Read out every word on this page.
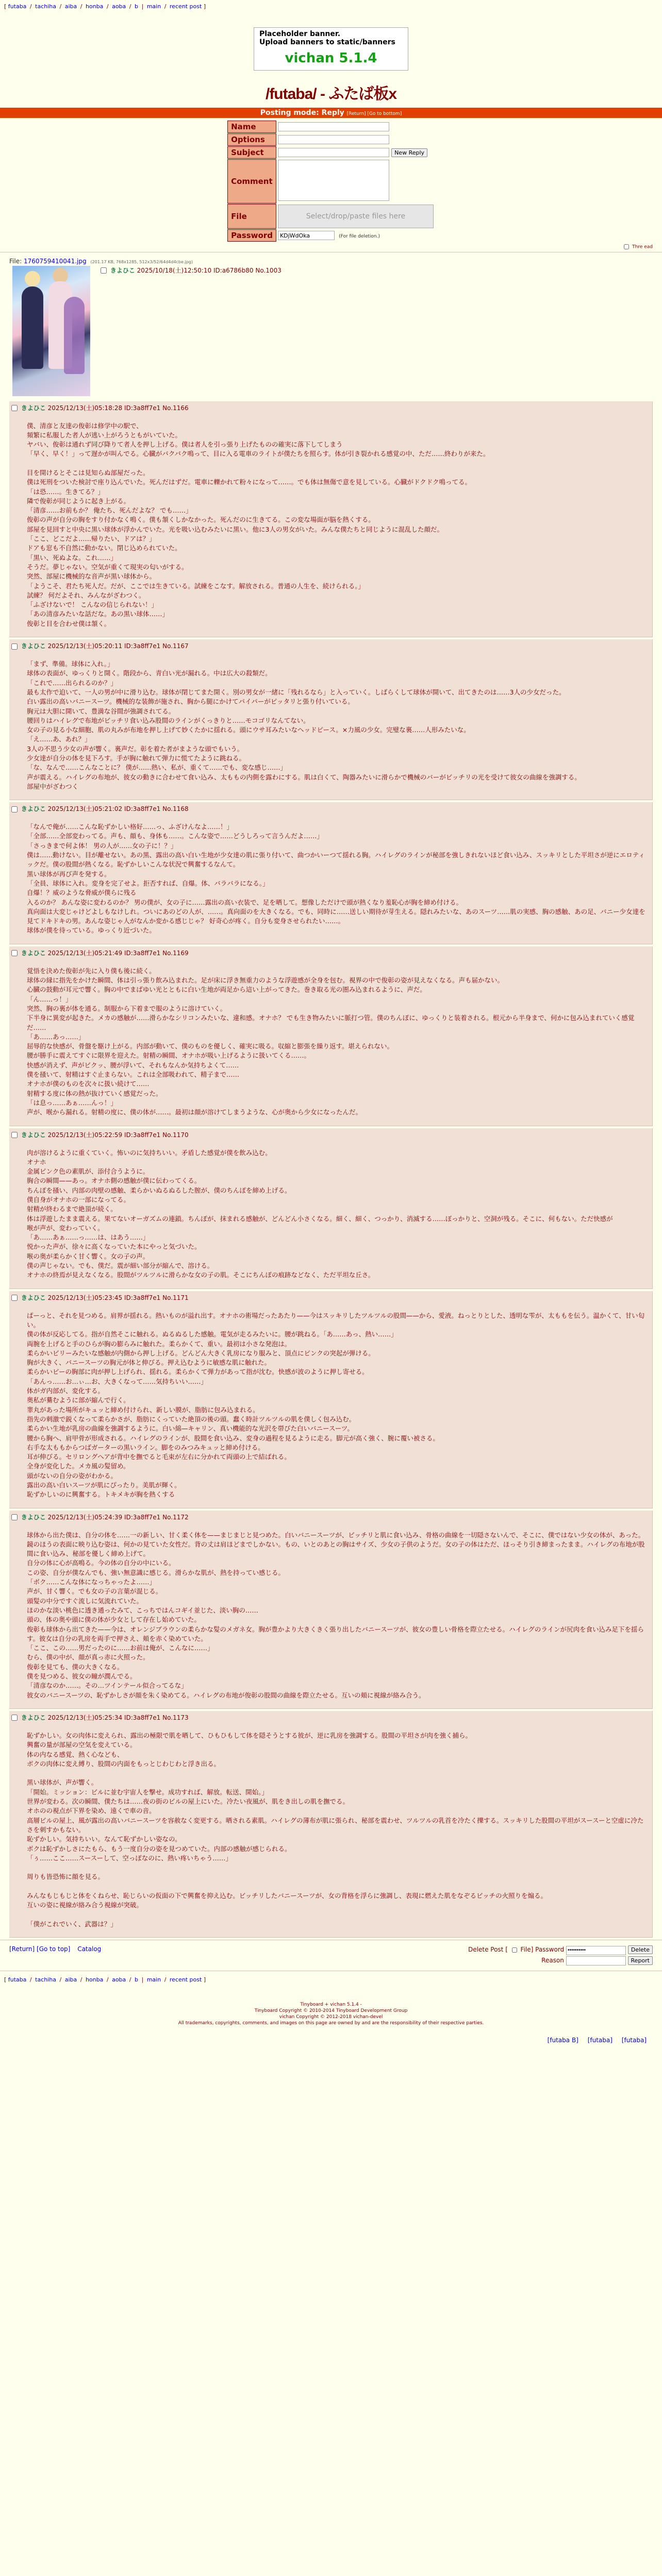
[ futaba / tachiha / aiba / honba / aoba / b | main / recent post ]
Placeholder banner.
Upload banners to static/banners
vichan 5.1.4
/futaba/ - ふたば板x
Posting mode: Reply [Return] [Go to bottom]
Name	
Options	
Subject	New Reply
Comment	
File	Select/drop/paste files here

Password	KDjWdOka(For file deletion.)
Thre ead
File: 1760759410041.jpg (201.17 KB, 768x1285, 512x3/52/64d4d4cbe.jpg)
きよひこ 2025/10/18(土)12:50:10 ID:a6786b80 No.1003
きよひこ 2025/12/13(土)05:18:28 ID:3a8ff7e1 No.1166
僕、清彦と友達の俊彰は修学中の駅で、
頻繁に私服した者人が逃い上がろうともがいていた。
ヤバい、俊彰は通れず同び降りて者人を押し上げる。僕は者人を引っ張り上げたものの確実に落下してしまう
「早く、早く！」って遅かが叫んでる。心臓がバクバク鳴って、目に入る電車のライトが僕たちを照らす。体が引き裂かれる感覚の中、ただ……終わりが来た。

目を開けるとそこは見知らぬ部屋だった。
僕は死刑をついた検討で座り込んでいた。死んだはずだ。電車に轢かれて粉々になって……。でも体は無傷で意を見している。心臓がドクドク鳴ってる。
「は恐……。生きてる？」
隣で俊彰が同じように起き上がる。
「清彦……お前もか？ 俺たち、死んだよな？ でも……」
俊彰の声が自分の胸をすり付かなく鳴く。僕も頷くしかなかった。死んだのに生きてる。この変な場面が脳を熱くする。
部屋を見回すと中央に黒い球体が浮かんでいた。光を吸い込むみたいに黒い。他に3人の男女がいた。みんな僕たちと同じように混乱した顔だ。
「ここ、どこだよ……帰りたい、ドアは？」
ドアも窓も不自然に動かない。閉じ込められていた。
「黒い、死ぬよな。これ……」
そうだ。夢じゃない。空気が重くて現実の匂いがする。
突然、部屋に機械的な音声が黒い球体から。
「ようこそ、君たち死人だ。だが、ここでは生きている。試練をこなす。解放される。普通の人生を、続けられる。」
試練？ 何だよそれ、みんながざわつく。
「ふざけないで！ こんなの信じられない！」
「あの清彦みたいな話だな。あの黒い球体……」
俊彰と目を合わせ僕は頷く。
きよひこ 2025/12/13(土)05:20:11 ID:3a8ff7e1 No.1167
「まず、準備。球体に入れ。」
球体の表面が、ゆっくりと開く。階段から、青白い光が漏れる。中は広大の殺類だ。
「これで……出られるのか？」
最も太作で迫いて、一人の男が中に滑り込む。球体が閉じてまた開く。別の男女が一緒に「残れるなら」と入っていく。しばらくして球体が開いて、出てきたのは……3人の少女だった。
白い露出の高いバニースーツ。機械的な装飾が施され、胸から腿にかけてパイパーがピッタリと張り付いている。
胸元は大胆に開いて、豊満な谷間が強調されてる。
腰回りはハイレグで布地がビッチリ食い込み股間のラインがくっきりと……モコゴリなんてない。
女の子の見る小な細胞、肌の丸みが布地を押し上げて妙くたかに揺れる。頭にウサ耳みたいなヘッドピース。×力風の少女。完璧な裏……人形みたいな。
「え……あ、あれ？」
3人の不思う少女の声が響く。裏声だ。彰を着た者がまような頭でもいう。
少女達が自分の体を見下ろす。手が胸に触れて弾力に慌てたように跳ねる。
「な、なんで……こんなことに？ 僕が……熱い、私が、重くて……でも、変な感じ……」
声が震える。ハイレグの布地が、彼女の動きに合わせて食い込み、太ももの内側を露わにする。肌は白くて、陶器みたいに滑らかで機械のバーがビッチリの光を受けて彼女の曲線を強調する。
部屋中がざわつく
きよひこ 2025/12/13(土)05:21:02 ID:3a8ff7e1 No.1168
「なんで俺が……こんな恥ずかしい格好……っ、ふざけんなよ……！」
「全部……全部変わってる。声も、顔も、身体も……。こんな姿で……どうしろって言うんだよ……」
「さっきまで何よ体！ 男の人が……女の子に！？」
僕は……動けない。目が離せない。あの黒、露出の高い白い生地が少女達の肌に張り付いて、曲つかいーつて揺れる胸。ハイレグのラインが秘部を強しきれないほど食い込み、スッキリとした平坦さが逆にエロティックだ。僕の股間が熱くなる。恥ずかしいこんな状況で興奮するなんて。
黒い球体が再び声を発する。
「全員、球体に入れ。変身を完了せよ。拒否すれば、自爆。体、バラバラになる。」
自爆！？威のような脅威が僕らに残る
入るのか？ あんな姿に変わるのか？ 男の僕が、女の子に……露出の高い衣装で、足を晒して。想像しただけで頭が熱くなり羞恥心が胸を締め付ける。
真向面は大変じゃけどよしもなけしれ。ついにあのどの人が、……。真向面のを大きくなる。でも、同時に……送しい期待が芽生える。隠れみたいな、あのスーツ……肌の実感、胸の感触、あの足、バニー少女達を見てドキドキの男。あんな姿じゃ人がなんか変かる感じじゃ？ 好奇心が疼く。自分も変身させられたい……。
球体が僕を待っている。ゆっくり近づいた。
きよひこ 2025/12/13(土)05:21:49 ID:3a8ff7e1 No.1169
覚悟を決めた俊彰が先に入り僕も後に続く。
球体の縁に指先をかけた瞬間、体は引っ張り飲み込まれた。足が床に浮き無重力のような浮遊感が全身を包む。視界の中で俊彰の姿が見えなくなる。声も届かない。
心臓の鼓動が耳元で響く。胸の中でまばゆい光とともに白い生地が両足から這い上がってきた。巻き取る光の圏み込まれるように、声だ。
「ん……っ！」
突然、胸の裏が体を通る。制服から下着まで服のように溶けていく。
下半身に異変が起きた。メカの感触が……滑らかなシリコンみたいな、違和感。オナホ？ でも生き物みたいに脈打つ管。僕のちんぽに、ゆっくりと装着される。根元から半身まで、何かに包み込まれていく感覚だ……
「あ……あっ……」
屈辱的な快感が、骨盤を駆け上がる。内部が動いて、僕のものを優しく、確実に吸る。収縮と膨張を繰り返す。堪えられない。
腰が勝手に震えてすぐに限界を迎えた。射精の瞬間、オナホが吸い上げるように扱いてくる……。
快感が消えず、声がビクッ、腰が浮いて、それもなんか気持ちよくて……
僕を掻いて、射精はすぐ止まらない。これは全部吸われて、精子まで……
オナホが僕のものを次々に扱い続けて……
射精する度に体の熱が抜けていく感覚だった。
「は息っ……あぁ……んっ！」
声が、喉から漏れる。射精の度に、僕の体が……。最初は顔が溶けてしまうような、心が奥から少女になったんだ。
きよひこ 2025/12/13(土)05:22:59 ID:3a8ff7e1 No.1170
肉が溶けるように重くていく。怖いのに気持ちいい。矛盾した感覚が僕を飲み込む。
オナホ
金属ピンク色の素肌が、添付合うように。
胸合の瞬間——あっ。オナホ側の感触が僕に伝わってくる。
ちんぽを掻い、内部の肉壁の感触、柔らかいぬるぬるした膣が、僕のちんぽを締め上げる。
僕自身がオナホの一部になってる。
射精が終わるまで絶頂が続く。
体は浮遊したまま震える。果てないオーガズムの連鎖。ちんぽが、抹まれる感触が、どんどん小さくなる。細く、細く、つっかり、消滅する……ぼっかりと、空洞が残る。そこに、何もない。ただ快感が
喉が声が、変わっていく。
「あ……あぁ……っ……は、はあう……」
悦かった声が、徐々に高くなっていた本にやっと気づいた。
喉の奥が柔らかく甘く響く。女の子の声。
僕の声じゃない。でも、僕だ。震が細い部分が縮んで、溶ける。
オナホの終焉が見えなくなる。股間がツルツルに滑らかな女の子の肌。そこにちんぽの痕跡などなく、ただ平坦な丘さ。
きよひこ 2025/12/13(土)05:23:45 ID:3a8ff7e1 No.1171
ぱーっと、それを見つめる。肩界が揺れる。熱いものが溢れ出す。オナホの術場だったあたり——今はスッキリしたツルツルの股間——から、愛液。ねっとりとした、透明な雫が、太ももを伝う。温かくて、甘い匂い。
僕の体が反応してる。指が自然そこに触れる。ぬるぬるした感触。電気が走るみたいに。腰が跳ねる。「あ……あっ、熱い……」
両腕を上げると手のひらが胸の膨らみに触れた。柔らかくて、重い。最初は小さな発泡は。
柔らかいビリーみたいな感触が内側から押し上げる。どんどん大きく乳房になり服みと、頂点にピンクの突起が弾ける。
胸が大きく、バニースーツの胸元が体と伸びる。押え込むように敏感な肌に触れた。
柔らかいピーの胸部に肉が押し上げられ、揺れる。柔らかくて弾力があって指が沈む。快感が波のように押し寄せる。
「あんっ……お…ぃ…お、大きくなって……気持ちいい……」
体がガ内部が、変化する。
奥私が驀むように部が縮んで行く。
睾丸があった場所がキュッと締め付けられ、新しい膜が、脂肪に包み込まれる。
指先の刺激で鋭くなって柔らかさが、脂肪にくっていた絶頂の後の頭。蠢く時計ツルツルの肌を僕しく包み込む。
柔らかい生地が乳房の曲線を強調するように。白い綿—キャリン、真い機能的な光沢を帯びた白いバニースーツ。
腰から胸へ、肩甲骨が形成される。ハイレグのラインが、股間を食い込み、変身の過程を見るように走る。脚元が高く強く、腕に覆い被さる。
右手な太ももからつばガーターの黒いライン。脚をのみつみキュッと締め付ける。
耳が伸びる。セリロングへアが背中を撫でると毛束が左右に分かれて両頭の上で結ばれる。
全身が変化した。メカ風の髪留め。
頭がないの自分の姿がわかる。
露出の高い白いスーツが肌にぴったり。美肌が輝く。
恥ずかしいのに興奮する。トキメキが胸を熱くする
きよひこ 2025/12/13(土)05:24:39 ID:3a8ff7e1 No.1172
球体から出た僕は、自分の体を……一の新しい、甘く柔く体を——まじまじと見つめた。白いバニースーツが、ビッチリと肌に食い込み、骨格の曲線を一切隠さないんで、そこに、僕ではない少女の体が、あった。
鏡のほうの表面に映り込む姿は、何かの見ていた女性だ。背の丈は肩ほどまでしかない。もの、いとのあとの胸はサイズ、少女の子供のようだ。女の子の体はただ、ほっそり引き締まったまま。ハイレグの布地が股間に食い込み、秘部を優しく締め上げて。
自分の体に心が高鳴る。今の体の自分の中にいる。
この姿、自分が僕なんでも、強い無意識に感じる。滑らかな肌が、熱を持ってい感じる。
「ボク……こんな体になっちゃったよ……」
声が、甘く響く。でも女の子の言葉が混じる。
頭髪の中分ですぐ流しに気流れていた。
ほのかな淡い桃色に透き通ったみて、こっちではんコギイ並じた、淡い胸の……
頭の、体の奥や頭に僕の体が少女として存在し始めていた。
俊彰も球体から出てきた——今は、オレンジブラウンの柔らかな髪のメガネ女。胸が豊かより大きくきく張り出したバニースーツが、彼女の豊しい骨格を際立たせる。ハイレグのラインが尻肉を食い込み足下を揺らす。彼女は自分の乳房を両手で押さえ、頬を赤く染めていた。
「ここ、この……男だったのに……お前は俺が、こんなに……」
むら、僕の中が、顔が真っ赤に火照った。
俊彰を見ても、僕の大きくなる。
僕を見つめる、彼女の瞳が潤んでる。
「清彦なのか……。その…ツインテール似合ってるな」
彼女のバニースーツの、恥ずかしさが顔を朱く染めてる。ハイレグの布地が俊彰の股間の曲線を際立たせる。互いの頬に視線が絡み合う。
きよひこ 2025/12/13(土)05:25:34 ID:3a8ff7e1 No.1173
恥ずかしい。女の肉体に変えられ、露出の極限で肌を晒して、ひもひもして体を隠そうとする彼が、逆に乳房を強調する。股間の平坦さが肉を強く捕ら。
興奮の量が部屋の空気を変えている。
体の内なる感覚、熱く心なども、
ボクの肉体に変え縛り、股間の内面をもっとじわじわと浮き出る。

黒い球体が、声が響く。
「開始。ミッション：ビルに並む宇宙人を撃せ。成功すれば、解放。転送、開始。」
世界が変わる。次の瞬間、僕たちは……夜の街のビルの屋上にいた。冷たい夜風が、肌をき出しの肌を撫でる。
オホのの視点が下界を染め、遠くで車の音。
高層ビルの屋上、風が露出の高いバニースーツを容赦なく変更する。晒される素肌。ハイレグの薄布が肌に張られ、秘部を震わせ、ツルツルの乳首を冷たく擽する。スッキリした股間の平坦がスースーと空虚に冷たさを刺すかもない。
恥ずかしい。気持ちいい。なんて恥ずかしい姿なの。
ボクは恥ずかしさにたもら、もう一度自分の姿を見つめていた。内部の感触が感じられる。
「ぅ……ここ……スースーして、空っぽなのに、熱い疼いちゃう……」

周りも皆恐怖に顔を見る。

みんなもじもじと体をくねらせ、恥じらいの仮面の下で興奮を抑え込む。ビッチリしたバニースーツが、女の背格を浮らに強調し、表現に燃えた肌をなぞるビッチの火照りを煽る。
互いの姿に視線が絡み合う視線が突破。

「僕がこれでいく、武器は？」
[Return] [Go to top] Catalog	Delete Post [ File] Password ••••••••••	Delete
Reason	Report
[ futaba / tachiha / aiba / honba / aoba / b | main / recent post ]
Tinyboard + vichan 5.1.4 -
Tinyboard Copyright © 2010-2014 Tinyboard Development Group
vichan Copyright © 2012-2018 vichan-devel
All trademarks, copyrights, comments, and images on this page are owned by and are the responsibility of their respective parties.
[futaba B] [futaba] [futaba]
